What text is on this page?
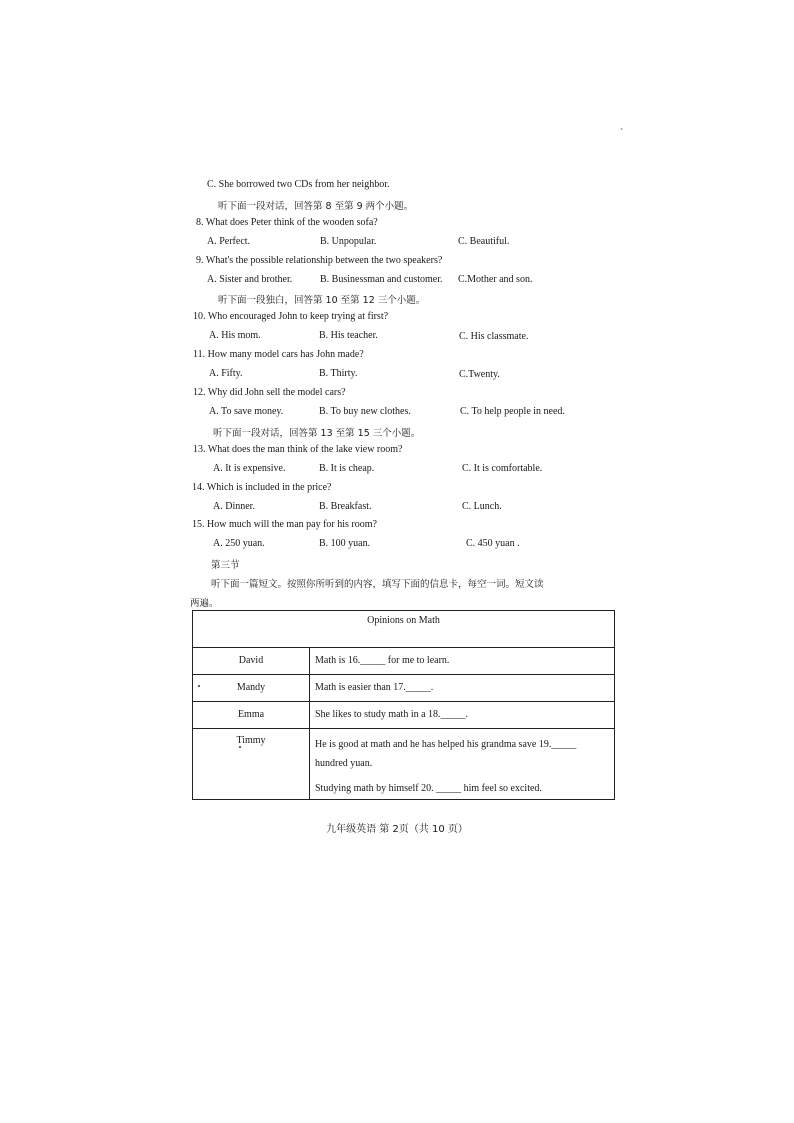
`
C. She borrowed two CDs from her neighbor.
听下面一段对话，回答第 8 至第 9 两个小题。
8. What does Peter think of the wooden sofa?
A. Perfect.	B. Unpopular.	C. Beautiful.
9. What's the possible relationship between the two speakers?
A. Sister and brother.	B. Businessman and customer. C.Mother and son.
听下面一段独白，回答第 10 至第 12 三个小题。
10. Who encouraged John to keep trying at first?
A. His mom.	B. His teacher.	C. His classmate.
11. How many model cars has John made?
A. Fifty.	B. Thirty.	C.Twenty.
12. Why did John sell the model cars?
A. To save money.	B. To buy new clothes.	C. To help people in need.
听下面一段对话，回答第 13 至第 15 三个小题。
13. What does the man think of the lake view room?
A. It is expensive.	B. It is cheap.	C. It is comfortable.
14. Which is included in the price?
A. Dinner.	B. Breakfast.	C. Lunch.
15. How much will the man pay for his room?
A. 250 yuan.	B. 100 yuan.	C. 450 yuan .
第三节
听下面一篇短文。按照你所听到的内容，填写下面的信息卡，每空一词。短文读
两遍。
Opinions on Math	
David	Math is 16._____ for me to learn.
Mandy	Math is easier than 17._____.
Emma	She likes to study math in a 18._____.
Timmy	He is good at math and he has helped his grandma save 19._____
hundred yuan.
Studying math by himself 20. _____ him feel so excited.
九年级英语 第 2页（共 10 页）
